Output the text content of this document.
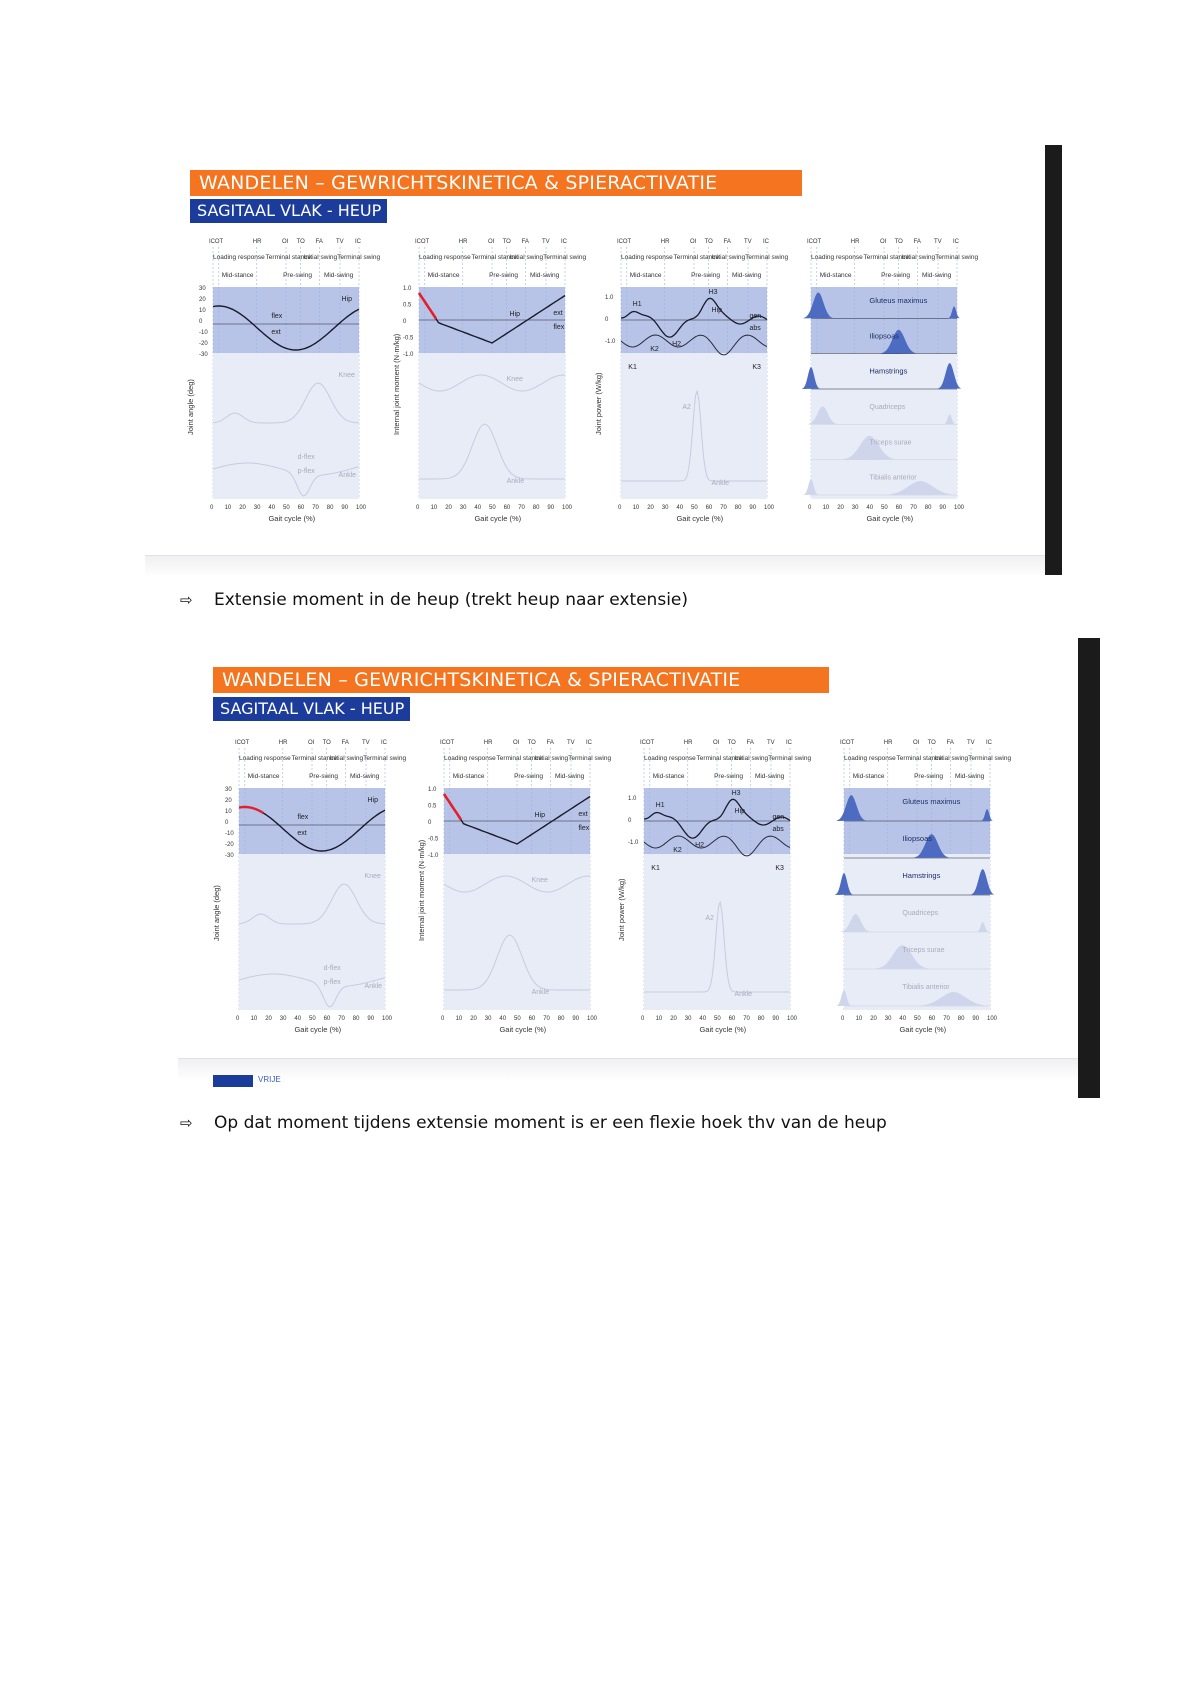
WANDELEN – GEWRICHTSKINETICA & SPIERACTIVATIE
SAGITAAL VLAK - HEUP
IC OT	HR	OI TO FA TV IC
Loading response Terminal stance
Initial swing Terminal swing
Mid-stance	Pre-swing Mid-swing
0 10 20 30 40 50 60 70 80 90 100
Gait cycle (%)
Joint angle (deg)
30
20
10
0
-10
-20
-30
Hip
flex
ext
Knee
Ankle
d-flex
p-flex
IC OT	HR	OI TO FA TV IC
Loading response Terminal stance
Initial swing Terminal swing
Mid-stance	Pre-swing Mid-swing
0 10 20 30 40 50 60 70 80 90 100
Gait cycle (%)
Internal joint moment (N·m/kg)
1.0
0.5
0
-0.5
-1.0
Hip	ext
flex
Knee
Ankle
IC OT	HR	OI TO FA TV IC
Loading response Terminal stance
Initial swing Terminal swing
Mid-stance	Pre-swing Mid-swing
0 10 20 30 40 50 60 70 80 90 100
Gait cycle (%)
Joint power (W/kg)
1.0
0
-1.0
H1
H2
H3
Hip
gen
abs
K1
K2
K3
A2
Ankle
IC OT	HR	OI TO FA TV IC
Loading response Terminal stance
Initial swing Terminal swing
Mid-stance	Pre-swing Mid-swing
0 10 20 30 40 50 60 70 80 90 100
Gait cycle (%)
Gluteus maximus
Iliopsoas
Hamstrings
Quadriceps
Triceps surae
Tibialis anterior
⇨ Extensie moment in de heup (trekt heup naar extensie)
WANDELEN – GEWRICHTSKINETICA & SPIERACTIVATIE
SAGITAAL VLAK - HEUP
IC OT	HR	OI TO FA TV IC
Loading response Terminal stance
Initial swing Terminal swing
Mid-stance	Pre-swing Mid-swing
0 10 20 30 40 50 60 70 80 90 100
Gait cycle (%)
Joint angle (deg)
30
20
10
0
-10
-20
-30
Hip
flex
ext
Knee
Ankle
d-flex
p-flex
IC OT	HR	OI TO FA TV IC
Loading response Terminal stance
Initial swing Terminal swing
Mid-stance	Pre-swing Mid-swing
0 10 20 30 40 50 60 70 80 90 100
Gait cycle (%)
Internal joint moment (N·m/kg)
1.0
0.5
0
-0.5
-1.0
Hip	ext
flex
Knee
Ankle
IC OT	HR	OI TO FA TV IC
Loading response Terminal stance
Initial swing Terminal swing
Mid-stance	Pre-swing Mid-swing
0 10 20 30 40 50 60 70 80 90 100
Gait cycle (%)
Joint power (W/kg)
1.0
0
-1.0
H1
H2
H3
Hip
gen
abs
K1
K2
K3
A2
Ankle
IC OT	HR	OI TO FA TV IC
Loading response Terminal stance
Initial swing Terminal swing
Mid-stance	Pre-swing Mid-swing
0 10 20 30 40 50 60 70 80 90 100
Gait cycle (%)
Gluteus maximus
Iliopsoas
Hamstrings
Quadriceps
Triceps surae
Tibialis anterior
VRIJE
⇨ Op dat moment tijdens extensie moment is er een flexie hoek thv van de heup
